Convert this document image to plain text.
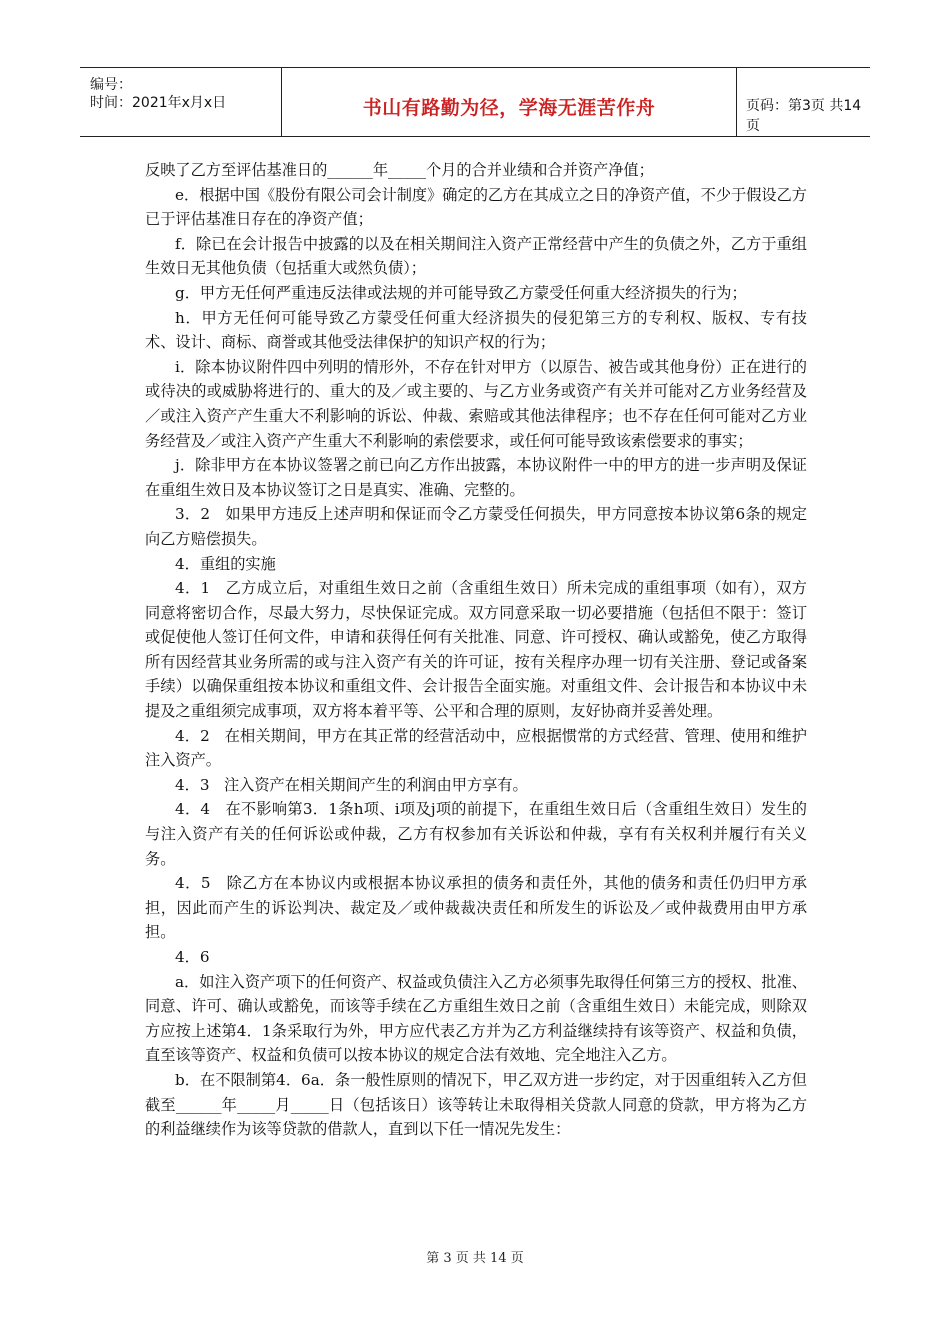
编号：
时间：2021年x月x日	书山有路勤为径，学海无涯苦作舟	页码：第3页 共14页

反映了乙方至评估基准日的______年_____个月的合并业绩和合并资产净值；

e．根据中国《股份有限公司会计制度》确定的乙方在其成立之日的净资产值，不少于假设乙方已于评估基准日存在的净资产值；

f．除已在会计报告中披露的以及在相关期间注入资产正常经营中产生的负债之外，乙方于重组生效日无其他负债（包括重大或然负债）；

g．甲方无任何严重违反法律或法规的并可能导致乙方蒙受任何重大经济损失的行为；

h．甲方无任何可能导致乙方蒙受任何重大经济损失的侵犯第三方的专利权、版权、专有技术、设计、商标、商誉或其他受法律保护的知识产权的行为；

i．除本协议附件四中列明的情形外，不存在针对甲方（以原告、被告或其他身份）正在进行的或待决的或威胁将进行的、重大的及／或主要的、与乙方业务或资产有关并可能对乙方业务经营及／或注入资产产生重大不利影响的诉讼、仲裁、索赔或其他法律程序；也不存在任何可能对乙方业务经营及／或注入资产产生重大不利影响的索偿要求，或任何可能导致该索偿要求的事实；

j．除非甲方在本协议签署之前已向乙方作出披露，本协议附件一中的甲方的进一步声明及保证在重组生效日及本协议签订之日是真实、准确、完整的。

3．2   如果甲方违反上述声明和保证而令乙方蒙受任何损失，甲方同意按本协议第6条的规定向乙方赔偿损失。

4．重组的实施

4．1   乙方成立后，对重组生效日之前（含重组生效日）所未完成的重组事项（如有），双方同意将密切合作，尽最大努力，尽快保证完成。双方同意采取一切必要措施（包括但不限于：签订或促使他人签订任何文件，申请和获得任何有关批准、同意、许可授权、确认或豁免，使乙方取得所有因经营其业务所需的或与注入资产有关的许可证，按有关程序办理一切有关注册、登记或备案手续）以确保重组按本协议和重组文件、会计报告全面实施。对重组文件、会计报告和本协议中未提及之重组须完成事项，双方将本着平等、公平和合理的原则，友好协商并妥善处理。

4．2   在相关期间，甲方在其正常的经营活动中，应根据惯常的方式经营、管理、使用和维护注入资产。

4．3   注入资产在相关期间产生的利润由甲方享有。

4．4   在不影响第3．1条h项、i项及j项的前提下，在重组生效日后（含重组生效日）发生的与注入资产有关的任何诉讼或仲裁，乙方有权参加有关诉讼和仲裁，享有有关权利并履行有关义务。

4．5   除乙方在本协议内或根据本协议承担的债务和责任外，其他的债务和责任仍归甲方承担，因此而产生的诉讼判决、裁定及／或仲裁裁决责任和所发生的诉讼及／或仲裁费用由甲方承担。

4．6

a．如注入资产项下的任何资产、权益或负债注入乙方必须事先取得任何第三方的授权、批准、同意、许可、确认或豁免，而该等手续在乙方重组生效日之前（含重组生效日）未能完成，则除双方应按上述第4．1条采取行为外，甲方应代表乙方并为乙方利益继续持有该等资产、权益和负债，直至该等资产、权益和负债可以按本协议的规定合法有效地、完全地注入乙方。

b．在不限制第4．6a．条一般性原则的情况下，甲乙双方进一步约定，对于因重组转入乙方但截至______年_____月_____日（包括该日）该等转让未取得相关贷款人同意的贷款，甲方将为乙方的利益继续作为该等贷款的借款人，直到以下任一情况先发生：

第 3 页 共 14 页
